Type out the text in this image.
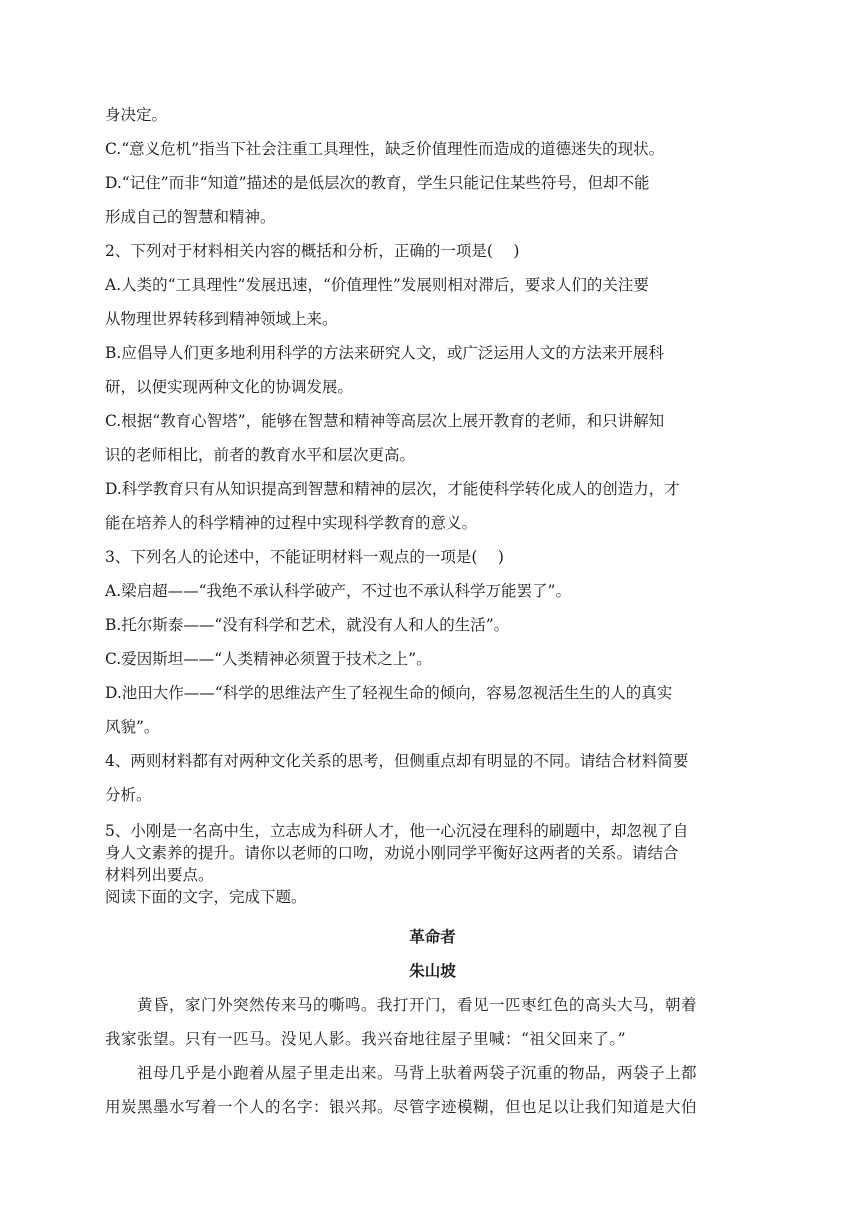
身决定。
C.“意义危机”指当下社会注重工具理性，缺乏价值理性而造成的道德迷失的现状。
D.“记住”而非“知道”描述的是低层次的教育，学生只能记住某些符号，但却不能
形成自己的智慧和精神。
2、下列对于材料相关内容的概括和分析，正确的一项是(　 )
A.人类的“工具理性”发展迅速，“价值理性”发展则相对滞后，要求人们的关注要
从物理世界转移到精神领域上来。
B.应倡导人们更多地利用科学的方法来研究人文，或广泛运用人文的方法来开展科
研，以便实现两种文化的协调发展。
C.根据“教育心智塔”，能够在智慧和精神等高层次上展开教育的老师，和只讲解知
识的老师相比，前者的教育水平和层次更高。
D.科学教育只有从知识提高到智慧和精神的层次，才能使科学转化成人的创造力，才
能在培养人的科学精神的过程中实现科学教育的意义。
3、下列名人的论述中，不能证明材料一观点的一项是(　 )
A.梁启超——“我绝不承认科学破产，不过也不承认科学万能罢了”。
B.托尔斯泰——“没有科学和艺术，就没有人和人的生活”。
C.爱因斯坦——“人类精神必须置于技术之上”。
D.池田大作——“科学的思维法产生了轻视生命的倾向，容易忽视活生生的人的真实
风貌”。
4、两则材料都有对两种文化关系的思考，但侧重点却有明显的不同。请结合材料简要
分析。
5、小刚是一名高中生，立志成为科研人才，他一心沉浸在理科的刷题中，却忽视了自
身人文素养的提升。请你以老师的口吻，劝说小刚同学平衡好这两者的关系。请结合
材料列出要点。
阅读下面的文字，完成下题。
革命者
朱山坡
黄昏，家门外突然传来马的嘶鸣。我打开门，看见一匹枣红色的高头大马，朝着
我家张望。只有一匹马。没见人影。我兴奋地往屋子里喊：“祖父回来了。”
祖母几乎是小跑着从屋子里走出来。马背上驮着两袋子沉重的物品，两袋子上都
用炭黑墨水写着一个人的名字：银兴邦。尽管字迹模糊，但也足以让我们知道是大伯
